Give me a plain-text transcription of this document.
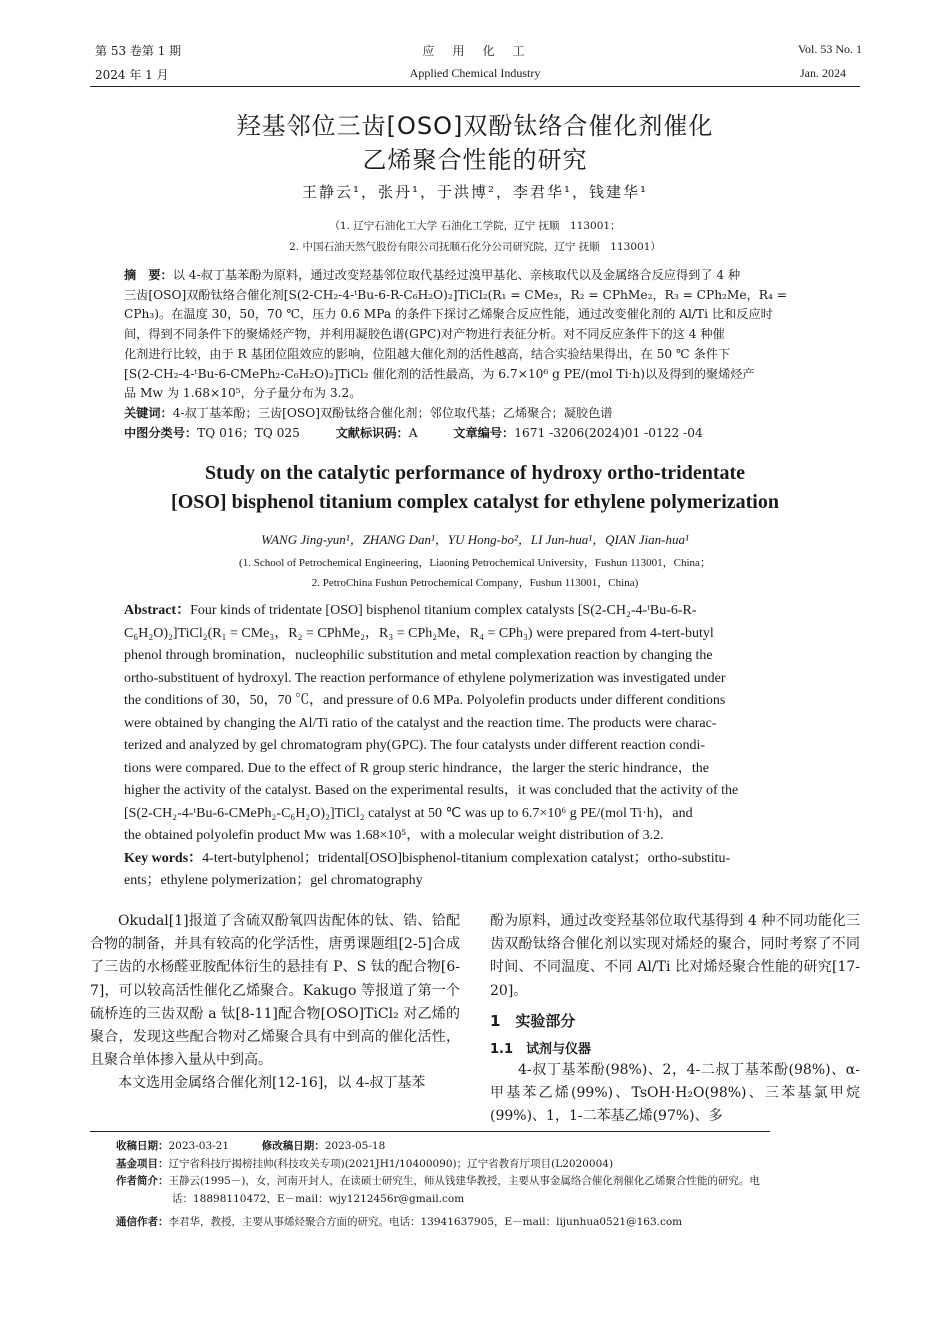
第 53 卷第 1 期
2024 年 1 月
应　用　化　工
Applied Chemical Industry
Vol. 53 No. 1
Jan. 2024
羟基邻位三齿[OSO]双酚钛络合催化剂催化
乙烯聚合性能的研究
王静云¹，张丹¹，于洪博²，李君华¹，钱建华¹
（1. 辽宁石油化工大学 石油化工学院，辽宁 抚顺　113001；
2. 中国石油天然气股份有限公司抚顺石化分公司研究院，辽宁 抚顺　113001）
摘　要：以 4-叔丁基苯酚为原料，通过改变羟基邻位取代基经过溴甲基化、亲核取代以及金属络合反应得到了 4 种
三齿[OSO]双酚钛络合催化剂[S(2-CH₂-4-ᵗBu-6-R-C₆H₂O)₂]TiCl₂(R₁ = CMe₃，R₂ = CPhMe₂，R₃ = CPh₂Me，R₄ =
CPh₃)。在温度 30，50，70 ℃，压力 0.6 MPa 的条件下探讨乙烯聚合反应性能，通过改变催化剂的 Al/Ti 比和反应时
间，得到不同条件下的聚烯烃产物，并利用凝胶色谱(GPC)对产物进行表征分析。对不同反应条件下的这 4 种催
化剂进行比较，由于 R 基团位阻效应的影响，位阻越大催化剂的活性越高，结合实验结果得出，在 50 ℃ 条件下
[S(2-CH₂-4-ᵗBu-6-CMePh₂-C₆H₂O)₂]TiCl₂ 催化剂的活性最高，为 6.7×10⁶ g PE/(mol Ti·h)以及得到的聚烯烃产
品 Mw 为 1.68×10⁵，分子量分布为 3.2。
关键词：4-叔丁基苯酚；三齿[OSO]双酚钛络合催化剂；邻位取代基；乙烯聚合；凝胶色谱
中图分类号：TQ 016；TQ 025	文献标识码：A	文章编号：1671 -3206(2024)01 -0122 -04
Study on the catalytic performance of hydroxy ortho-tridentate
[OSO] bisphenol titanium complex catalyst for ethylene polymerization
WANG Jing-yun¹，ZHANG Dan¹，YU Hong-bo²，LI Jun-hua¹，QIAN Jian-hua¹
(1. School of Petrochemical Engineering，Liaoning Petrochemical University，Fushun 113001，China；
2. PetroChina Fushun Petrochemical Company，Fushun 113001，China)
Abstract：Four kinds of tridentate [OSO] bisphenol titanium complex catalysts [S(2-CH₂-4-ᵗBu-6-R-
C₆H₂O)₂]TiCl₂(R₁ = CMe₃，R₂ = CPhMe₂，R₃ = CPh₂Me，R₄ = CPh₃) were prepared from 4-tert-butyl
phenol through bromination，nucleophilic substitution and metal complexation reaction by changing the
ortho-substituent of hydroxyl. The reaction performance of ethylene polymerization was investigated under
the conditions of 30，50，70 ℃，and pressure of 0.6 MPa. Polyolefin products under different conditions
were obtained by changing the Al/Ti ratio of the catalyst and the reaction time. The products were charac-
terized and analyzed by gel chromatogram phy(GPC). The four catalysts under different reaction condi-
tions were compared. Due to the effect of R group steric hindrance，the larger the steric hindrance，the
higher the activity of the catalyst. Based on the experimental results，it was concluded that the activity of the
[S(2-CH₂-4-ᵗBu-6-CMePh₂-C₆H₂O)₂]TiCl₂ catalyst at 50 ℃ was up to 6.7×10⁶ g PE/(mol Ti·h)，and
the obtained polyolefin product Mw was 1.68×10⁵，with a molecular weight distribution of 3.2.
Key words：4-tert-butylphenol；tridental[OSO]bisphenol-titanium complexation catalyst；ortho-substitu-
ents；ethylene polymerization；gel chromatography

Okudal[1]报道了含硫双酚氧四齿配体的钛、锆、铪配合物的制备，并具有较高的化学活性，唐勇课题组[2-5]合成了三齿的水杨醛亚胺配体衍生的悬挂有 P、S 钛的配合物[6-7]，可以较高活性催化乙烯聚合。Kakugo 等报道了第一个硫桥连的三齿双酚 a 钛[8-11]配合物[OSO]TiCl₂ 对乙烯的聚合，发现这些配合物对乙烯聚合具有中到高的催化活性，且聚合单体掺入量从中到高。

本文选用金属络合催化剂[12-16]，以 4-叔丁基苯

酚为原料，通过改变羟基邻位取代基得到 4 种不同功能化三齿双酚钛络合催化剂以实现对烯烃的聚合，同时考察了不同时间、不同温度、不同 Al/Ti 比对烯烃聚合性能的研究[17-20]。
1　实验部分
1.1　试剂与仪器

4-叔丁基苯酚(98%)、2，4-二叔丁基苯酚(98%)、α-甲基苯乙烯(99%)、TsOH·H₂O(98%)、三苯基氯甲烷(99%)、1，1-二苯基乙烯(97%)、多

收稿日期：2023-03-21	修改稿日期：2023-05-18
基金项目：辽宁省科技厅揭榜挂帅(科技攻关专项)(2021JH1/10400090)；辽宁省教育厅项目(L2020004)
作者简介：王静云(1995－)，女，河南开封人，在读硕士研究生，师从钱建华教授，主要从事金属络合催化剂催化乙烯聚合性能的研究。电
话：18898110472，E－mail：wjy1212456r@gmail.com
通信作者：李君华，教授，主要从事烯烃聚合方面的研究。电话：13941637905，E－mail：lijunhua0521@163.com
